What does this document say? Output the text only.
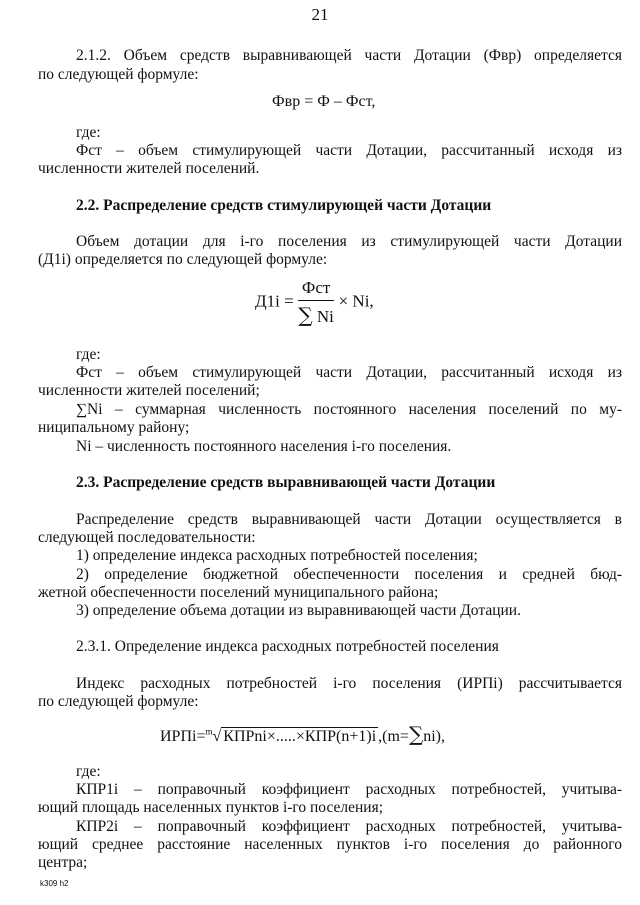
21
2.1.2. Объем средств выравнивающей части Дотации (Фвр) определяется
по следующей формуле:
Фвр = Ф – Фст,
где:
Фст – объем стимулирующей части Дотации, рассчитанный исходя из
численности жителей поселений.
2.2. Распределение средств стимулирующей части Дотации
Объем дотации для i-го поселения из стимулирующей части Дотации
(Д1i) определяется по следующей формуле:
$Д1i = \frac{\text{Фст}}{\sum Ni} \times Ni$,
где:
Фст – объем стимулирующей части Дотации, рассчитанный исходя из
численности жителей поселений;
∑Ni – суммарная численность постоянного населения поселений по му-
ниципальному району;
Ni – численность постоянного населения i-го поселения.
2.3. Распределение средств выравнивающей части Дотации
Распределение средств выравнивающей части Дотации осуществляется в
следующей последовательности:
1) определение индекса расходных потребностей поселения;
2) определение бюджетной обеспеченности поселения и средней бюд-
жетной обеспеченности поселений муниципального района;
3) определение объема дотации из выравнивающей части Дотации.
2.3.1. Определение индекса расходных потребностей поселения
Индекс расходных потребностей i-го поселения (ИРПi) рассчитывается
по следующей формуле:
ИРПi=$^m$√ КПРni×.....×КПР(n+1)i ,(m=∑ni),
где:
КПР1i – поправочный коэффициент расходных потребностей, учитыва-
ющий площадь населенных пунктов i-го поселения;
КПР2i – поправочный коэффициент расходных потребностей, учитыва-
ющий среднее расстояние населенных пунктов i-го поселения до районного
центра;
k309 h2
